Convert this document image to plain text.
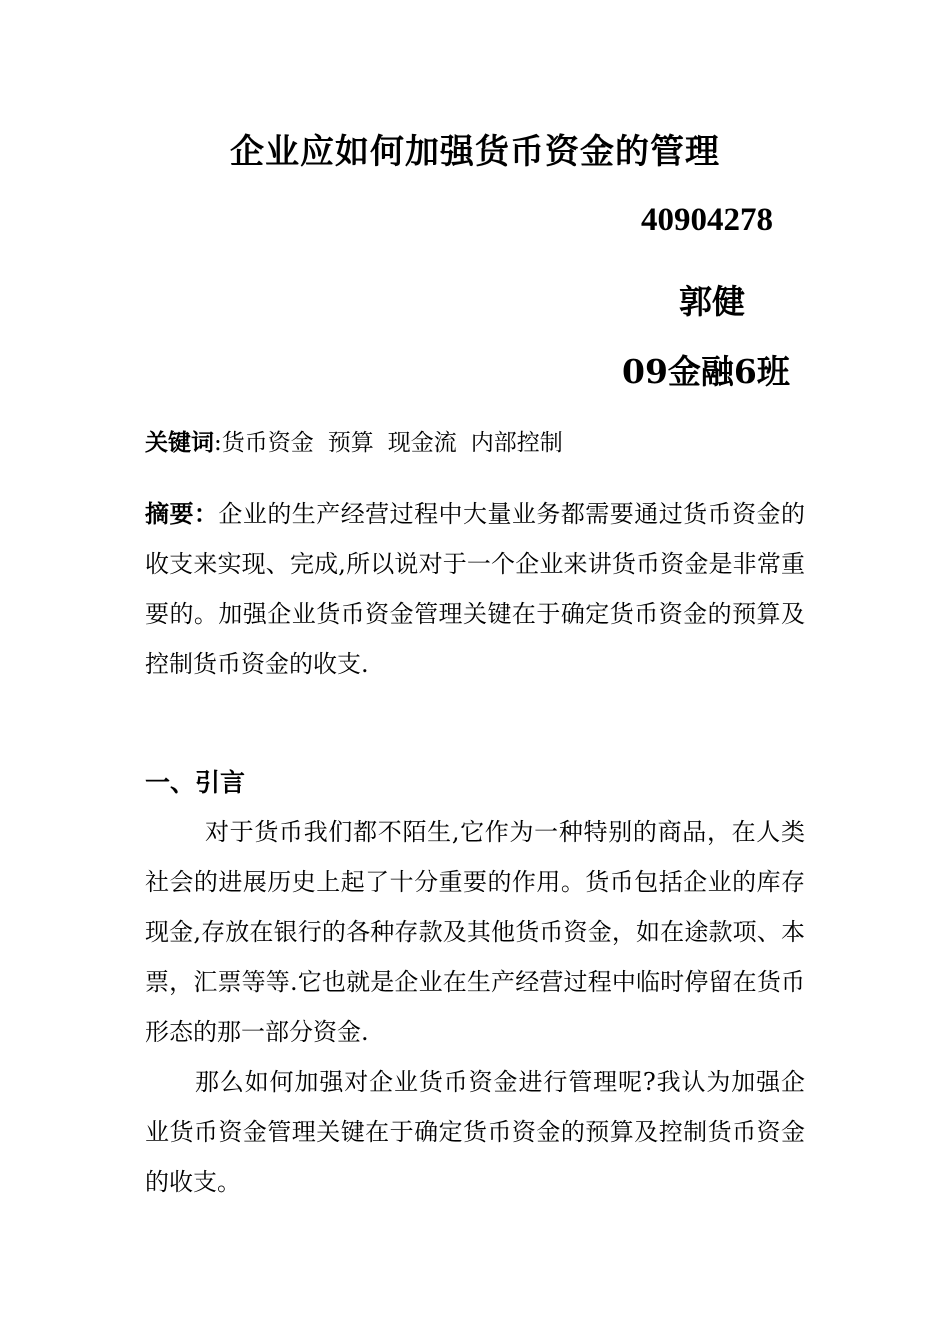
企业应如何加强货币资金的管理
40904278
郭健
09金融6班
关键词:货币资金 预算 现金流 内部控制
摘要：企业的生产经营过程中大量业务都需要通过货币资金的收支来实现、完成,所以说对于一个企业来讲货币资金是非常重要的。加强企业货币资金管理关键在于确定货币资金的预算及控制货币资金的收支.
一、引言
对于货币我们都不陌生,它作为一种特别的商品，在人类社会的进展历史上起了十分重要的作用。货币包括企业的库存现金,存放在银行的各种存款及其他货币资金，如在途款项、本票，汇票等等.它也就是企业在生产经营过程中临时停留在货币形态的那一部分资金.
那么如何加强对企业货币资金进行管理呢?我认为加强企业货币资金管理关键在于确定货币资金的预算及控制货币资金的收支。
